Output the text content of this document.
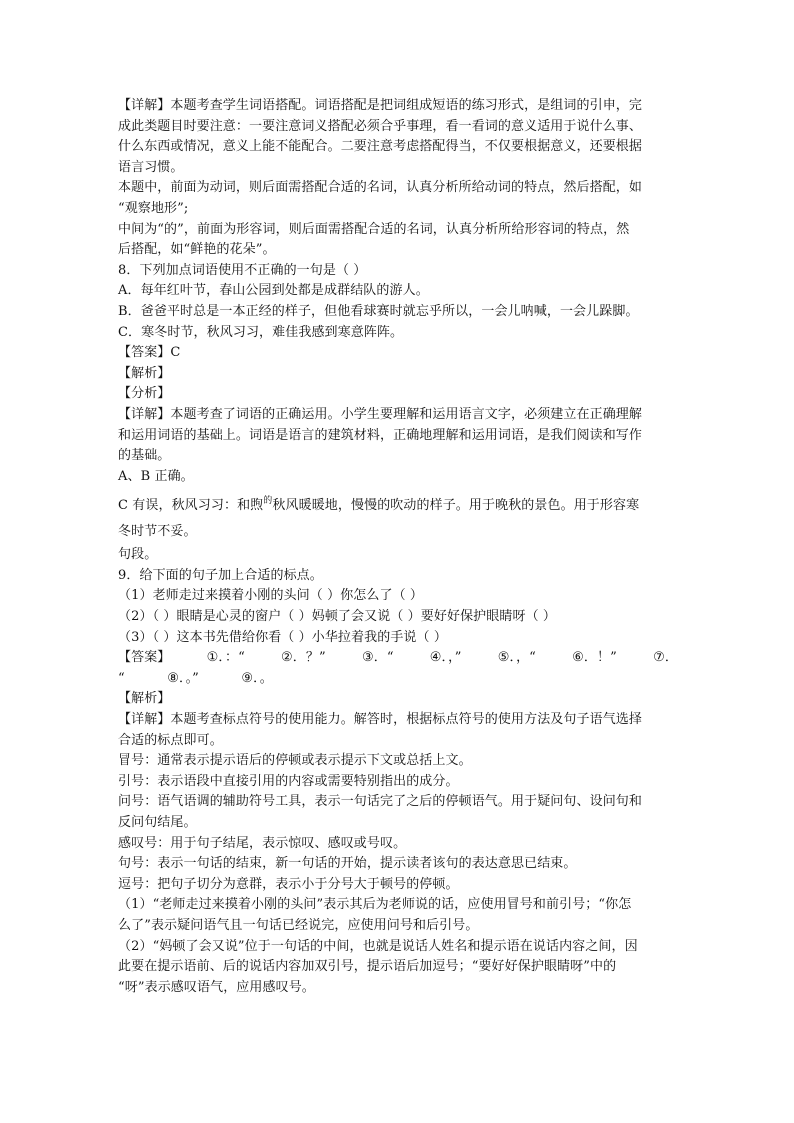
【详解】本题考查学生词语搭配。词语搭配是把词组成短语的练习形式，是组词的引申，完
成此类题目时要注意：一要注意词义搭配必须合乎事理，看一看词的意义适用于说什么事、
什么东西或情况，意义上能不能配合。二要注意考虑搭配得当，不仅要根据意义，还要根据
语言习惯。
本题中，前面为动词，则后面需搭配合适的名词，认真分析所给动词的特点，然后搭配，如
“观察地形”;
中间为“的”，前面为形容词，则后面需搭配合适的名词，认真分析所给形容词的特点，然
后搭配，如“鲜艳的花朵”。
8．下列加点词语使用不正确的一句是（ ）
A．每年红叶节，春山公园到处都是成群结队的游人。
B．爸爸平时总是一本正经的样子，但他看球赛时就忘乎所以，一会儿呐喊，一会儿跺脚。
C．寒冬时节，秋风习习，难佳我感到寒意阵阵。
【答案】C
【解析】
【分析】
【详解】本题考查了词语的正确运用。小学生要理解和运用语言文字，必须建立在正确理解
和运用词语的基础上。词语是语言的建筑材料，正确地理解和运用词语，是我们阅读和写作
的基础。
A、B 正确。
C 有误，秋风习习：和煦$^的$秋风暖暖地，慢慢的吹动的样子。用于晚秋的景色。用于形容寒
冬时节不妥。
句段。
9．给下面的句子加上合适的标点。
（1）老师走过来摸着小刚的头问（ ）你怎么了（ ）
（2）（ ）眼睛是心灵的窗户（ ）妈顿了会又说（ ）要好好保护眼睛呀（ ）
（3）（ ）这本书先借给你看（ ）小华拉着我的手说（ ）
【答案】	①．：“	②．？”	③．“	④．，”	⑤．，“	⑥．！”	⑦．
“	⑧．。”	⑨．。
【解析】
【详解】本题考查标点符号的使用能力。解答时，根据标点符号的使用方法及句子语气选择
合适的标点即可。
冒号：通常表示提示语后的停顿或表示提示下文或总括上文。
引号：表示语段中直接引用的内容或需要特别指出的成分。
问号：语气语调的辅助符号工具，表示一句话完了之后的停顿语气。用于疑问句、设问句和
反问句结尾。
感叹号：用于句子结尾，表示惊叹、感叹或号叹。
句号：表示一句话的结束，新一句话的开始，提示读者该句的表达意思已结束。
逗号：把句子切分为意群，表示小于分号大于顿号的停顿。
（1）“老师走过来摸着小刚的头问”表示其后为老师说的话，应使用冒号和前引号；“你怎
么了”表示疑问语气且一句话已经说完，应使用问号和后引号。
（2）“妈顿了会又说”位于一句话的中间，也就是说话人姓名和提示语在说话内容之间，因
此要在提示语前、后的说话内容加双引号，提示语后加逗号；“要好好保护眼睛呀”中的
“呀”表示感叹语气，应用感叹号。
